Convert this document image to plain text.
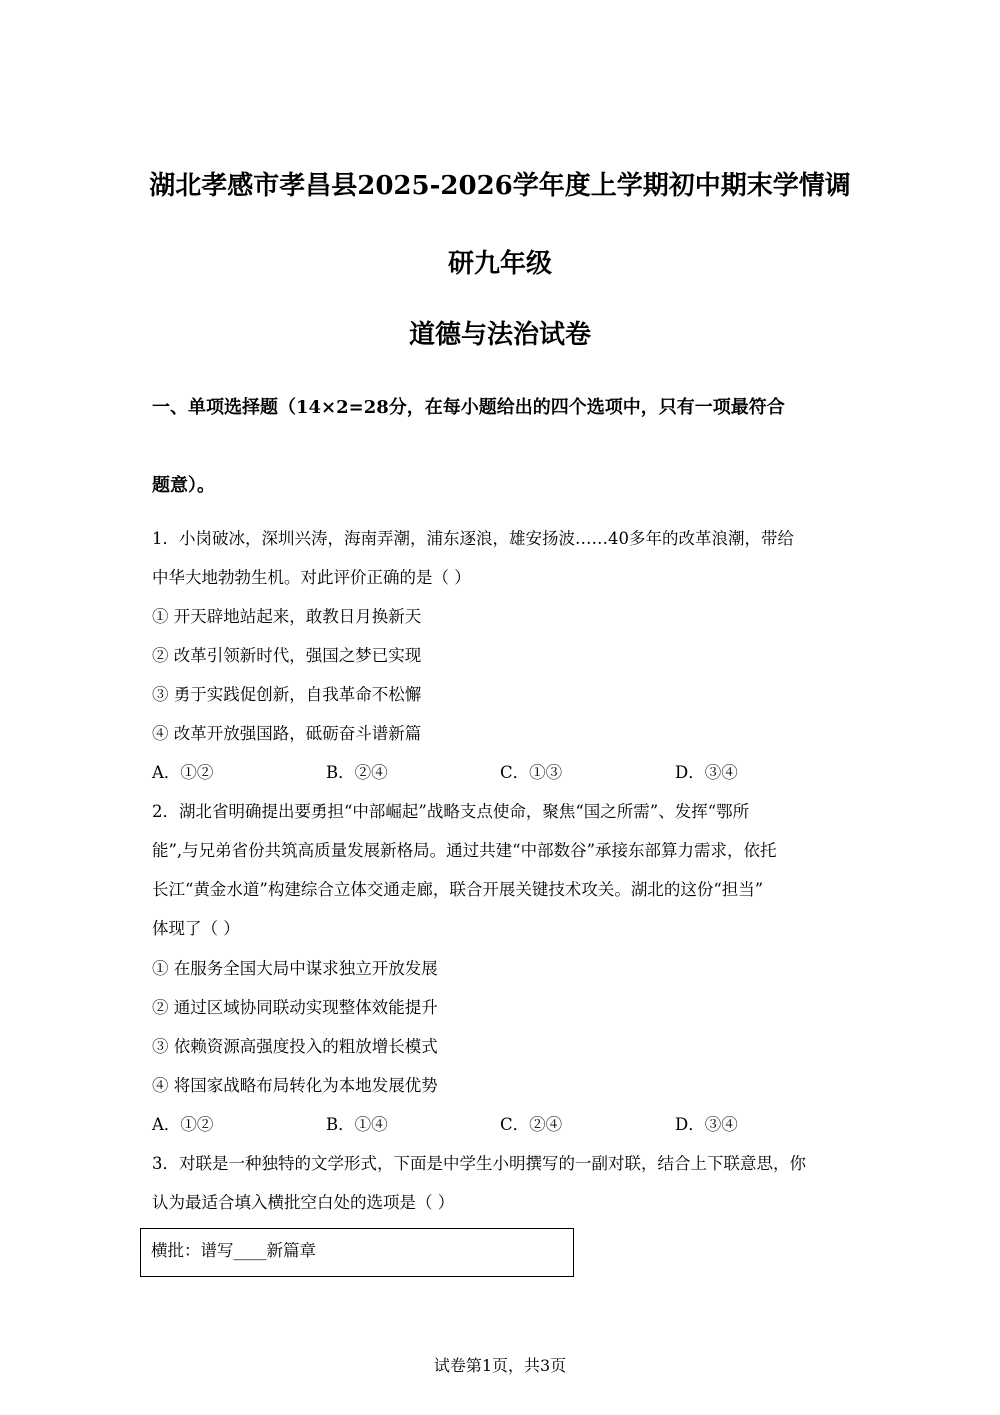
湖北孝感市孝昌县2025-2026学年度上学期初中期末学情调
研九年级
道德与法治试卷
一、单项选择题（14×2=28分，在每小题给出的四个选项中，只有一项最符合
题意）。
1．小岗破冰，深圳兴涛，海南弄潮，浦东逐浪，雄安扬波……40多年的改革浪潮，带给
中华大地勃勃生机。对此评价正确的是（ ）
① 开天辟地站起来，敢教日月换新天
② 改革引领新时代，强国之梦已实现
③ 勇于实践促创新，自我革命不松懈
④ 改革开放强国路，砥砺奋斗谱新篇
A．①②	B．②④	C．①③	D．③④
2．湖北省明确提出要勇担“中部崛起”战略支点使命，聚焦“国之所需”、发挥“鄂所
能”,与兄弟省份共筑高质量发展新格局。通过共建“中部数谷”承接东部算力需求，依托
长江“黄金水道”构建综合立体交通走廊，联合开展关键技术攻关。湖北的这份“担当”
体现了（ ）
① 在服务全国大局中谋求独立开放发展
② 通过区域协同联动实现整体效能提升
③ 依赖资源高强度投入的粗放增长模式
④ 将国家战略布局转化为本地发展优势
A．①②	B．①④	C．②④	D．③④
3．对联是一种独特的文学形式，下面是中学生小明撰写的一副对联，结合上下联意思，你
认为最适合填入横批空白处的选项是（ ）
横批：谱写____新篇章
试卷第1页，共3页
